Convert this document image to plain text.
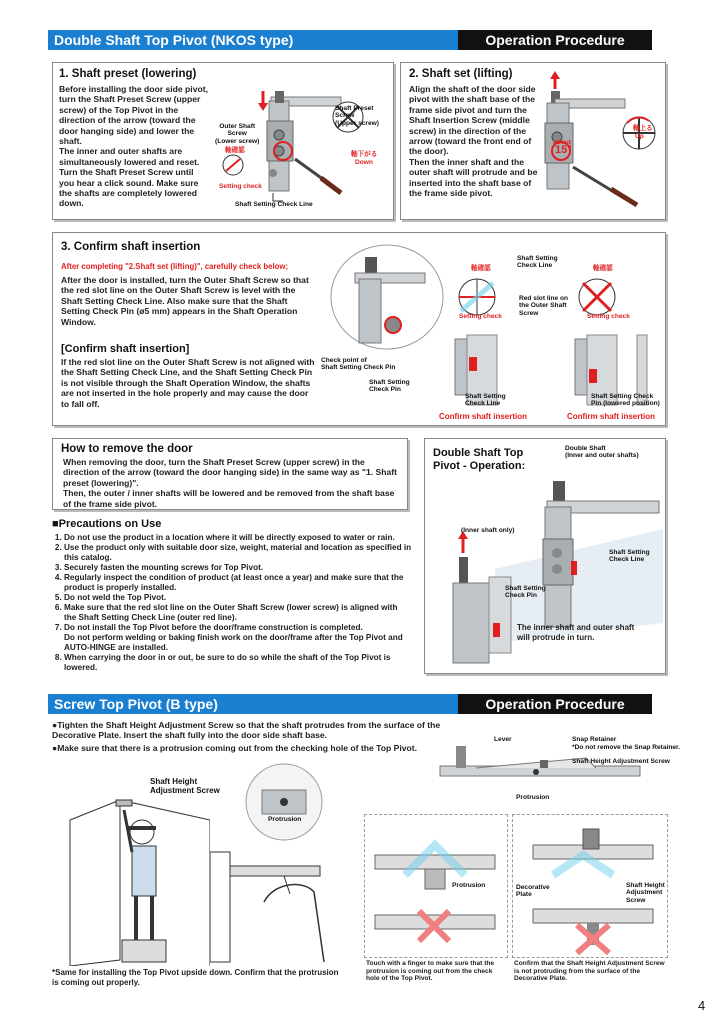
Double Shaft Top Pivot (NKOS type)	Operation Procedure
1. Shaft preset (lowering)
Before installing the door side pivot, turn the Shaft Preset Screw (upper screw) of the Top Pivot in the direction of the arrow (toward the door hanging side) and lower the shaft.
The inner and outer shafts are simultaneously lowered and reset.
Turn the Shaft Preset Screw until you hear a click sound. Make sure the shafts are completely lowered down.
Outer Shaft
Screw
(Lower screw)
Shaft Preset Screw
(Upper screw)
軸下がる
Down
軸確認
Setting check
Shaft Setting Check Line
2. Shaft set (lifting)
Align the shaft of the door side pivot with the shaft base of the frame side pivot and turn the Shaft Insertion Screw (middle screw) in the direction of the arrow (toward the front end of the door).
Then the inner shaft and the outer shaft will protrude and be inserted into the shaft base of the frame side pivot.
about
15°
軸上る
Up
3. Confirm shaft insertion
After completing "2.Shaft set (lifting)", carefully check below;
After the door is installed, turn the Outer Shaft Screw so that the red slot line on the Outer Shaft Screw is level with the Shaft Setting Check Line. Also make sure that the Shaft Setting Check Pin (ø5 mm) appears in the Shaft Operation Window.
[Confirm shaft insertion]
If the red slot line on the Outer Shaft Screw is not aligned with the Shaft Setting Check Line, and the Shaft Setting Check Pin is not visible through the Shaft Operation Window, the shafts are not inserted in the hole properly and may cause the door to fall off.
Shaft Setting
Check Line
Red slot line on
the Outer Shaft
Screw
軸確認
Setting check
軸確認
Setting check
Check point of
Shaft Setting Check Pin
Shaft Setting
Check Pin
Shaft Setting
Check Line
Shaft Setting Check
Pin (lowered position)
Confirm shaft insertion	Confirm shaft insertion
How to remove the door
When removing the door, turn the Shaft Preset Screw (upper screw) in the direction of the arrow (toward the door hanging side) in the same way as "1. Shaft preset (lowering)".
Then, the outer / inner shafts will be lowered and be removed from the shaft base of the frame side pivot.
■Precautions on Use
1. Do not use the product in a location where it will be directly exposed to water or rain.
2. Use the product only with suitable door size, weight, material and location as specified in this catalog.
3. Securely fasten the mounting screws for Top Pivot.
4. Regularly inspect the condition of product (at least once a year) and make sure that the product is properly installed.
5. Do not weld the Top Pivot.
6. Make sure that the red slot line on the Outer Shaft Screw (lower screw) is aligned with the Shaft Setting Check Line (outer red line).
7. Do not install the Top Pivot before the door/frame construction is completed.
Do not perform welding or baking finish work on the door/frame after the Top Pivot and AUTO-HINGE are installed.
8. When carrying the door in or out, be sure to do so while the shaft of the Top Pivot is lowered.
Double Shaft Top
Pivot - Operation:
Double Shaft
(Inner and outer shafts)
(Inner shaft only)
Shaft Setting
Check Line
Shaft Setting
Check Pin
The inner shaft and outer shaft
will protrude in turn.
Screw Top Pivot (B type)	Operation Procedure
●Tighten the Shaft Height Adjustment Screw so that the shaft protrudes from the surface of the Decorative Plate. Insert the shaft fully into the door side shaft base.
●Make sure that there is a protrusion coming out from the checking hole of the Top Pivot.
Shaft Height
Adjustment Screw
Protrusion
Lever	Snap Retainer
*Do not remove the Snap Retainer.
Shaft Height Adjustment Screw
Protrusion
Protrusion	Decorative
Plate
Shaft Height
Adjustment
Screw
Touch with a finger to make sure that the protrusion is coming out from the check hole of the Top Pivot.
Confirm that the Shaft Height Adjustment Screw is not protruding from the surface of the Decorative Plate.
*Same for installing the Top Pivot upside down. Confirm that the protrusion is coming out properly.
4
